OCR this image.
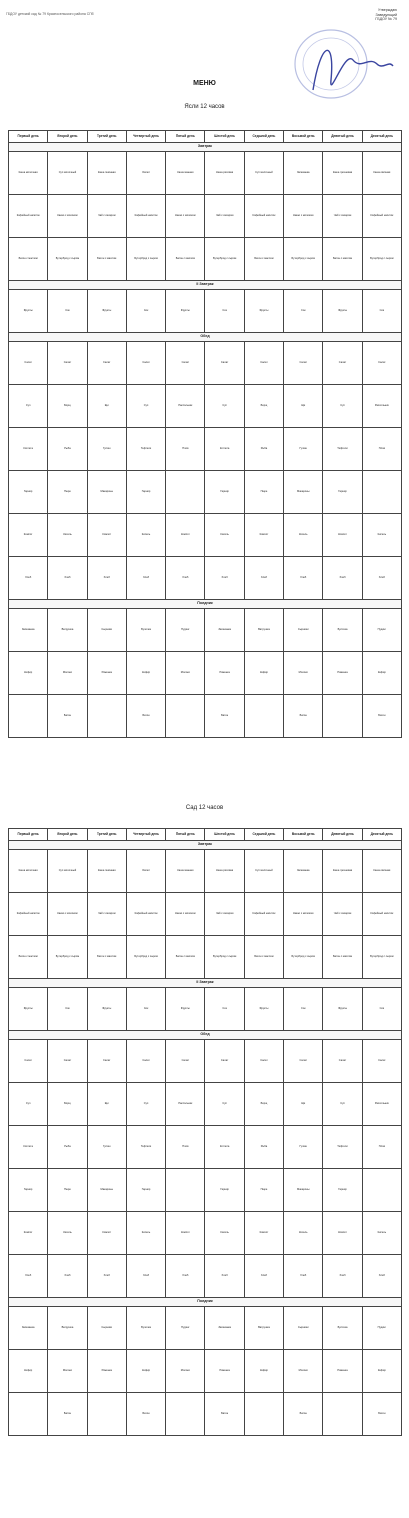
ГБДОУ детский сад № 79 Красносельского района СПб
Утверждаю
Заведующий
ГБДОУ № 79
МЕНЮ
Ясли 12 часов
Первый день	Второй день	Третий день	Четвертый день	Пятый день	Шестой день	Седьмой день	Восьмой день	Девятый день	Десятый день
Завтрак									
Каша молочная	Суп молочный	Каша пшённая	Омлет	Каша манная	Каша рисовая	Суп молочный	Запеканка	Каша гречневая	Каша овсяная
Кофейный напиток	Какао с молоком	Чай с сахаром	Кофейный напиток	Какао с молоком	Чай с сахаром	Кофейный напиток	Какао с молоком	Чай с сахаром	Кофейный напиток
Батон с маслом	Бутерброд с сыром	Батон с маслом	Бутерброд с сыром	Батон с маслом	Бутерброд с сыром	Батон с маслом	Бутерброд с сыром	Батон с маслом	Бутерброд с сыром
II Завтрак									
Фрукты	Сок	Фрукты	Сок	Фрукты	Сок	Фрукты	Сок	Фрукты	Сок
Обед									
Салат	Салат	Салат	Салат	Салат	Салат	Салат	Салат	Салат	Салат
Суп	Борщ	Щи	Суп	Рассольник	Суп	Борщ	Щи	Суп	Рассольник
Котлета	Рыба	Гуляш	Тефтели	Плов	Котлета	Рыба	Гуляш	Тефтели	Плов
Гарнир	Пюре	Макароны	Гарнир		Гарнир	Пюре	Макароны	Гарнир	
Компот	Кисель	Компот	Кисель	Компот	Кисель	Компот	Кисель	Компот	Кисель
Хлеб	Хлеб	Хлеб	Хлеб	Хлеб	Хлеб	Хлеб	Хлеб	Хлеб	Хлеб
Полдник									
Запеканка	Ватрушка	Сырники	Булочка	Пудинг	Запеканка	Ватрушка	Сырники	Булочка	Пудинг
Кефир	Молоко	Ряженка	Кефир	Молоко	Ряженка	Кефир	Молоко	Ряженка	Кефир
	Батон		Батон		Батон		Батон		Батон
Сад 12 часов
Первый день	Второй день	Третий день	Четвертый день	Пятый день	Шестой день	Седьмой день	Восьмой день	Девятый день	Десятый день
Завтрак									
Каша молочная	Суп молочный	Каша пшённая	Омлет	Каша манная	Каша рисовая	Суп молочный	Запеканка	Каша гречневая	Каша овсяная
Кофейный напиток	Какао с молоком	Чай с сахаром	Кофейный напиток	Какао с молоком	Чай с сахаром	Кофейный напиток	Какао с молоком	Чай с сахаром	Кофейный напиток
Батон с маслом	Бутерброд с сыром	Батон с маслом	Бутерброд с сыром	Батон с маслом	Бутерброд с сыром	Батон с маслом	Бутерброд с сыром	Батон с маслом	Бутерброд с сыром
II Завтрак									
Фрукты	Сок	Фрукты	Сок	Фрукты	Сок	Фрукты	Сок	Фрукты	Сок
Обед									
Салат	Салат	Салат	Салат	Салат	Салат	Салат	Салат	Салат	Салат
Суп	Борщ	Щи	Суп	Рассольник	Суп	Борщ	Щи	Суп	Рассольник
Котлета	Рыба	Гуляш	Тефтели	Плов	Котлета	Рыба	Гуляш	Тефтели	Плов
Гарнир	Пюре	Макароны	Гарнир		Гарнир	Пюре	Макароны	Гарнир	
Компот	Кисель	Компот	Кисель	Компот	Кисель	Компот	Кисель	Компот	Кисель
Хлеб	Хлеб	Хлеб	Хлеб	Хлеб	Хлеб	Хлеб	Хлеб	Хлеб	Хлеб
Полдник									
Запеканка	Ватрушка	Сырники	Булочка	Пудинг	Запеканка	Ватрушка	Сырники	Булочка	Пудинг
Кефир	Молоко	Ряженка	Кефир	Молоко	Ряженка	Кефир	Молоко	Ряженка	Кефир
	Батон		Батон		Батон		Батон		Батон
